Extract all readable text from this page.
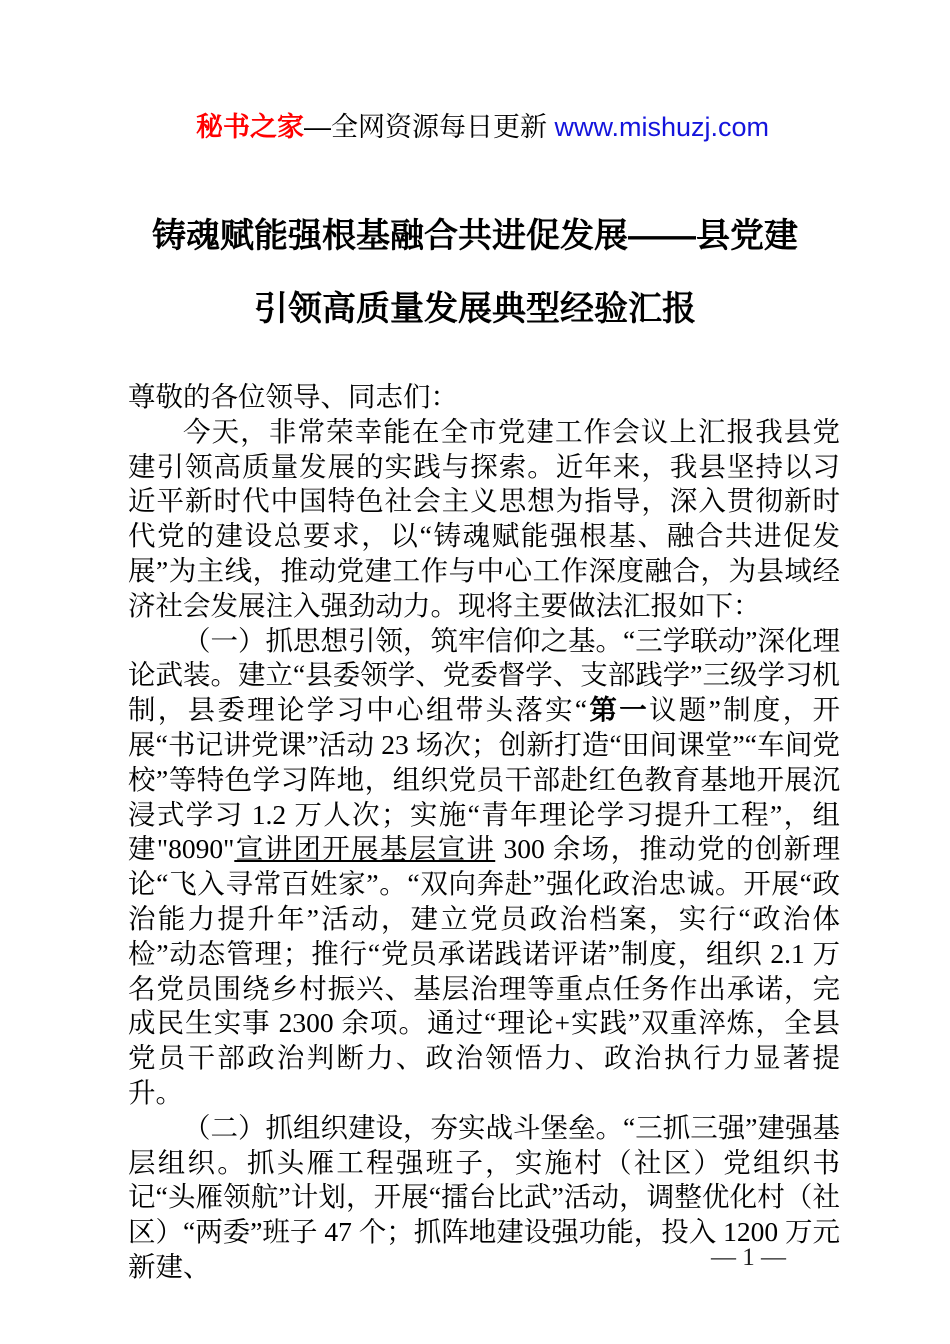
秘书之家—全网资源每日更新 www.mishuzj.com

铸魂赋能强根基融合共进促发展——县党建
引领高质量发展典型经验汇报

尊敬的各位领导、同志们：

今天，非常荣幸能在全市党建工作会议上汇报我县党建引领高质量发展的实践与探索。近年来，我县坚持以习近平新时代中国特色社会主义思想为指导，深入贯彻新时代党的建设总要求，以“铸魂赋能强根基、融合共进促发展”为主线，推动党建工作与中心工作深度融合，为县域经济社会发展注入强劲动力。现将主要做法汇报如下：

（一）抓思想引领，筑牢信仰之基。“三学联动”深化理论武装。建立“县委领学、党委督学、支部践学”三级学习机制，县委理论学习中心组带头落实“第一议题”制度，开展“书记讲党课”活动 23 场次；创新打造“田间课堂”“车间党校”等特色学习阵地，组织党员干部赴红色教育基地开展沉浸式学习 1.2 万人次；实施“青年理论学习提升工程”，组建"8090"宣讲团开展基层宣讲 300 余场，推动党的创新理论“飞入寻常百姓家”。“双向奔赴”强化政治忠诚。开展“政治能力提升年”活动，建立党员政治档案，实行“政治体检”动态管理；推行“党员承诺践诺评诺”制度，组织 2.1 万名党员围绕乡村振兴、基层治理等重点任务作出承诺，完成民生实事 2300 余项。通过“理论+实践”双重淬炼，全县党员干部政治判断力、政治领悟力、政治执行力显著提升。

（二）抓组织建设，夯实战斗堡垒。“三抓三强”建强基层组织。抓头雁工程强班子，实施村（社区）党组织书记“头雁领航”计划，开展“擂台比武”活动，调整优化村（社区）“两委”班子 47 个；抓阵地建设强功能，投入 1200 万元新建、	— 1 —
